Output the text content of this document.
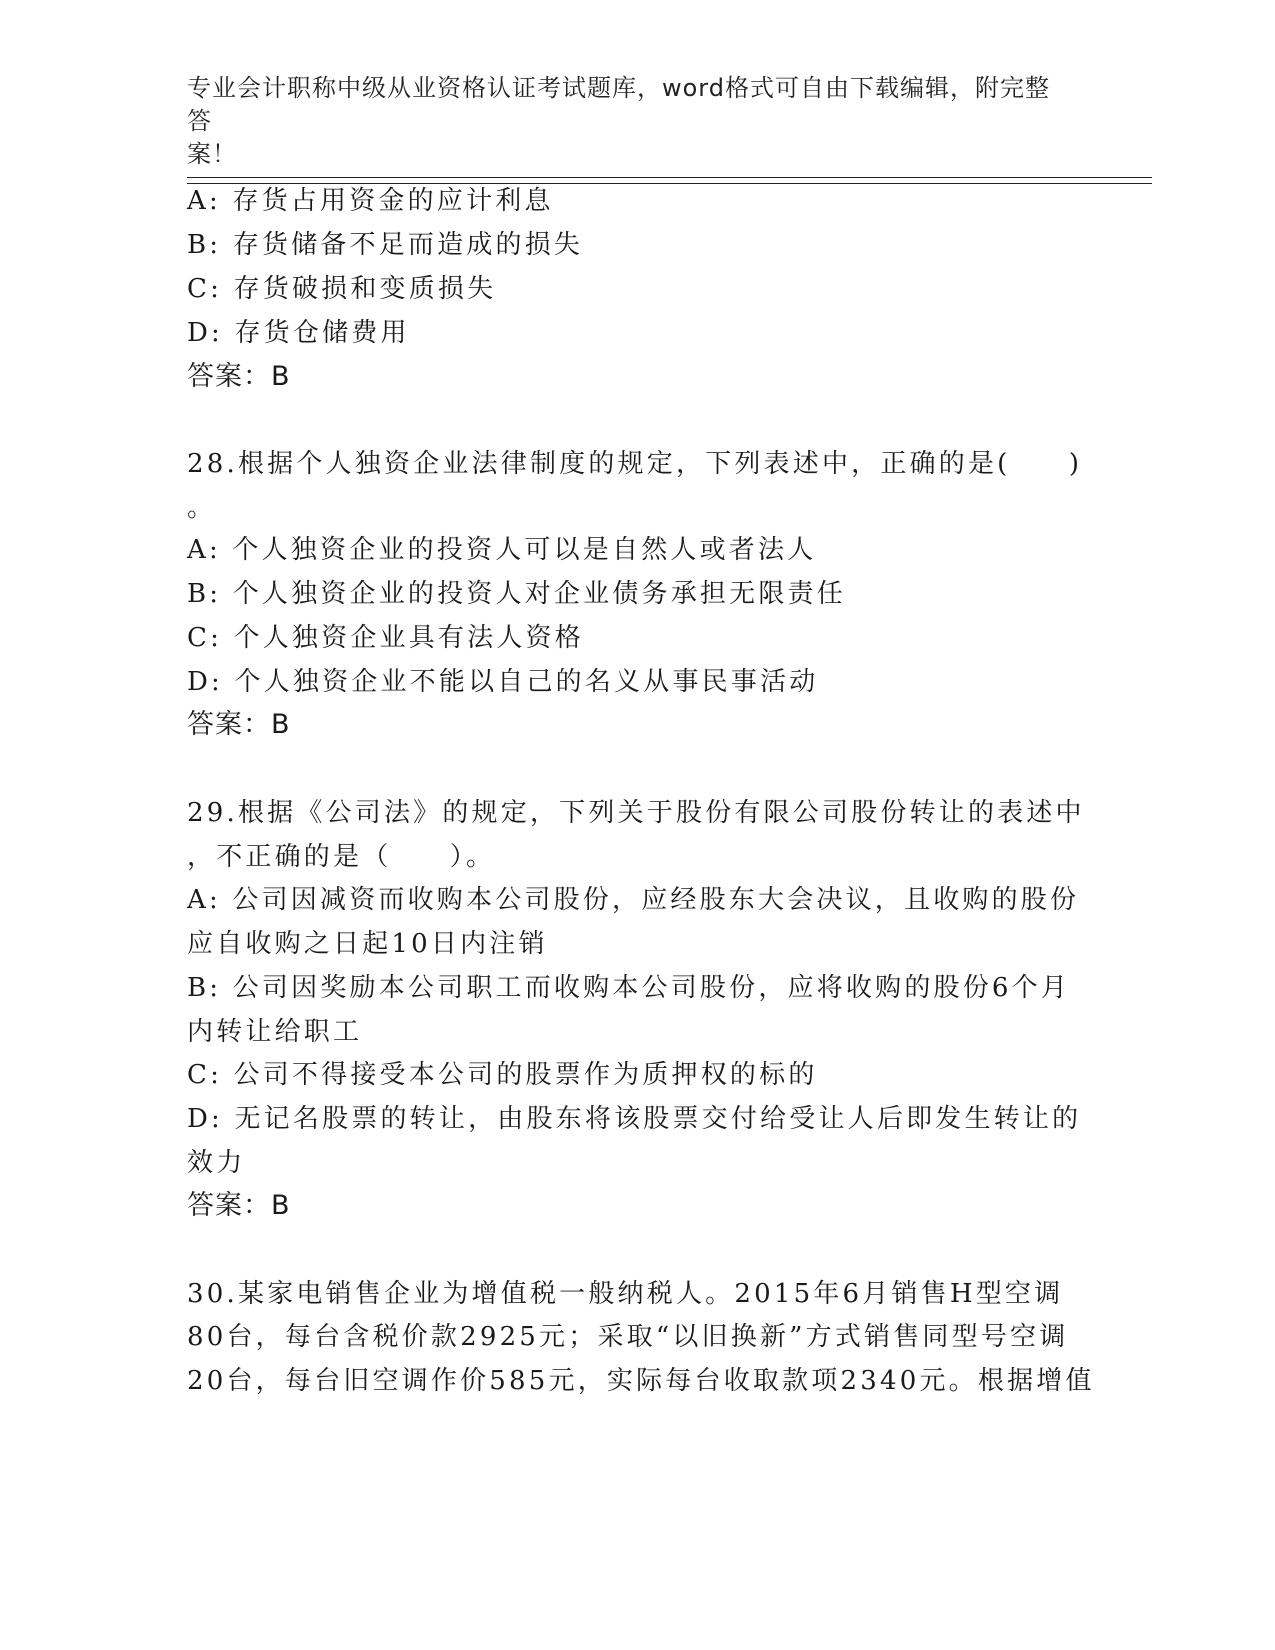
专业会计职称中级从业资格认证考试题库，word格式可自由下载编辑，附完整答
案！
A: 存货占用资金的应计利息
B: 存货储备不足而造成的损失
C: 存货破损和变质损失
D: 存货仓储费用
答案：B
28.根据个人独资企业法律制度的规定，下列表述中，正确的是(　　)
。
A: 个人独资企业的投资人可以是自然人或者法人
B: 个人独资企业的投资人对企业债务承担无限责任
C: 个人独资企业具有法人资格
D: 个人独资企业不能以自己的名义从事民事活动
答案：B
29.根据《公司法》的规定，下列关于股份有限公司股份转让的表述中
，不正确的是（　　）。
A: 公司因减资而收购本公司股份，应经股东大会决议，且收购的股份
应自收购之日起10日内注销
B: 公司因奖励本公司职工而收购本公司股份，应将收购的股份6个月
内转让给职工
C: 公司不得接受本公司的股票作为质押权的标的
D: 无记名股票的转让，由股东将该股票交付给受让人后即发生转让的
效力
答案：B
30.某家电销售企业为增值税一般纳税人。2015年6月销售H型空调
80台，每台含税价款2925元；采取“以旧换新”方式销售同型号空调
20台，每台旧空调作价585元，实际每台收取款项2340元。根据增值
